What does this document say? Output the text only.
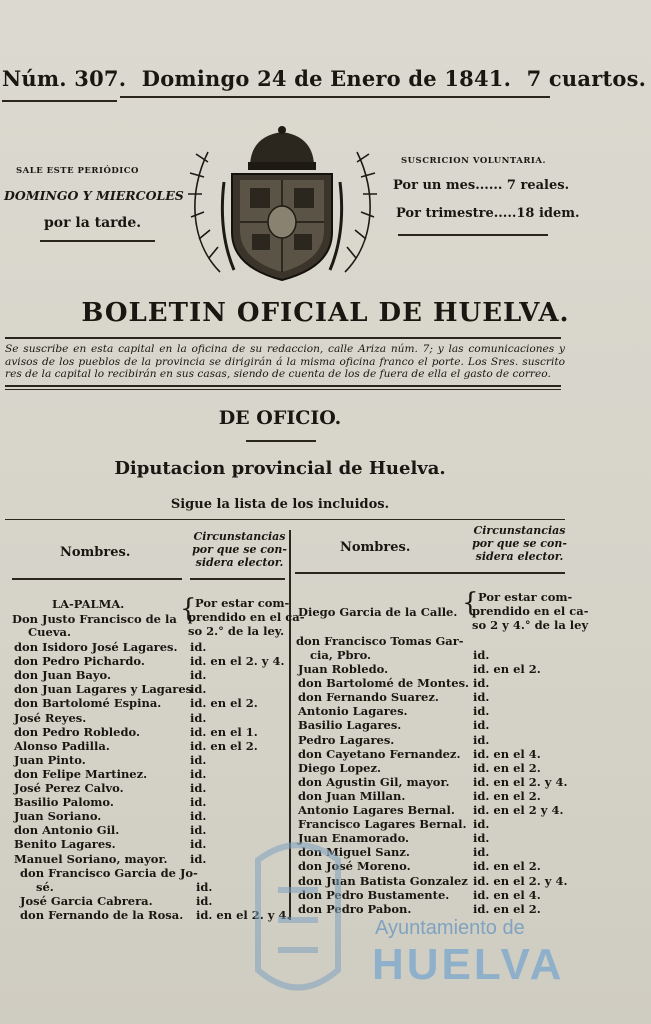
Núm. 307. Domingo 24 de Enero de 1841. 7 cuartos.
SALE ESTE PERIÓDICO
DOMINGO Y MIERCOLES
por la tarde.
SUSCRICION VOLUNTARIA.
Por un mes...... 7 reales.
Por trimestre.....18 idem.
BOLETIN OFICIAL DE HUELVA.
Se suscribe en esta capital en la oficina de su redaccion, calle Ariza núm. 7; y las comunicaciones y avisos de los pueblos de la provincia se dirigirán á la misma oficina franco el porte. Los Sres. suscrito res de la capital lo recibirán en sus casas, siendo de cuenta de los de fuera de ella el gasto de correo.
DE OFICIO.
Diputacion provincial de Huelva.
Sigue la lista de los incluidos.
Nombres.
Circunstancias
por que se con-
sidera elector.
Nombres.
Circunstancias
por que se con-
sidera elector.
LA-PALMA.
Don Justo Francisco de la
Cueva.
{
Por estar com-
prendido en el ca-
so 2.° de la ley.
don Isidoro José Lagares. id.
don Pedro Pichardo.	id. en el 2. y 4.
don Juan Bayo.	id.
don Juan Lagares y Lagares
id.
don Bartolomé Espina. id. en el 2.
José Reyes.	id.
don Pedro Robledo.	id. en el 1.
Alonso Padilla.	id. en el 2.
Juan Pinto.	id.
don Felipe Martinez.	id.
José Perez Calvo.	id.
Basilio Palomo.	id.
Juan Soriano.	id.
don Antonio Gil.	id.
Benito Lagares.	id.
Manuel Soriano, mayor. id.
don Francisco Garcia de Jo-
sé.	id.
José Garcia Cabrera.	id.
don Fernando de la Rosa. id. en el 2. y 4.
Diego Garcia de la Calle. { Por estar com-
prendido en el ca-
so 2 y 4.° de la ley
don Francisco Tomas Gar-
cia, Pbro.	id.
Juan Robledo.	id. en el 2.
don Bartolomé de Montes. id.
don Fernando Suarez.	id.
Antonio Lagares.	id.
Basilio Lagares.	id.
Pedro Lagares.	id.
don Cayetano Fernandez. id. en el 4.
Diego Lopez.	id. en el 2.
don Agustin Gil, mayor. id. en el 2. y 4.
don Juan Millan.	id. en el 2.
Antonio Lagares Bernal. id. en el 2 y 4.
Francisco Lagares Bernal. id.
Juan Enamorado.	id.
don Miguel Sanz.	id.
don José Moreno.	id. en el 2.
don Juan Batista Gonzalez id. en el 2. y 4.
don Pedro Bustamente. id. en el 4.
don Pedro Pabon.	id. en el 2.
Ayuntamiento de
HUELVA
